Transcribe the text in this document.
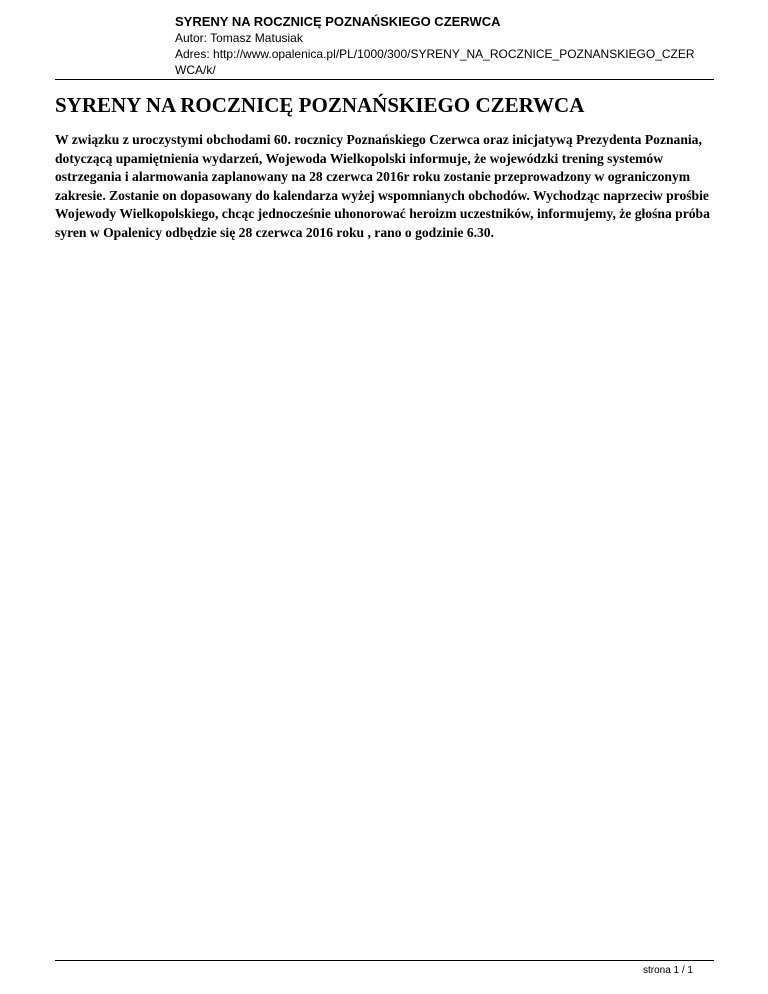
SYRENY NA ROCZNICĘ POZNAŃSKIEGO CZERWCA
Autor: Tomasz Matusiak
Adres: http://www.opalenica.pl/PL/1000/300/SYRENY_NA_ROCZNICE_POZNANSKIEGO_CZERWCA/k/
SYRENY NA ROCZNICĘ POZNAŃSKIEGO CZERWCA

W związku z uroczystymi obchodami 60. rocznicy Poznańskiego Czerwca oraz inicjatywą Prezydenta Poznania, dotyczącą upamiętnienia wydarzeń, Wojewoda Wielkopolski informuje, że wojewódzki trening systemów ostrzegania i alarmowania zaplanowany na 28 czerwca 2016r roku zostanie przeprowadzony w ograniczonym zakresie. Zostanie on dopasowany do kalendarza wyżej wspomnianych obchodów. Wychodząc naprzeciw prośbie Wojewody Wielkopolskiego, chcąc jednocześnie uhonorować heroizm uczestników, informujemy, że głośna próba syren w Opalenicy odbędzie się 28 czerwca 2016 roku , rano o godzinie 6.30.

strona 1 / 1
